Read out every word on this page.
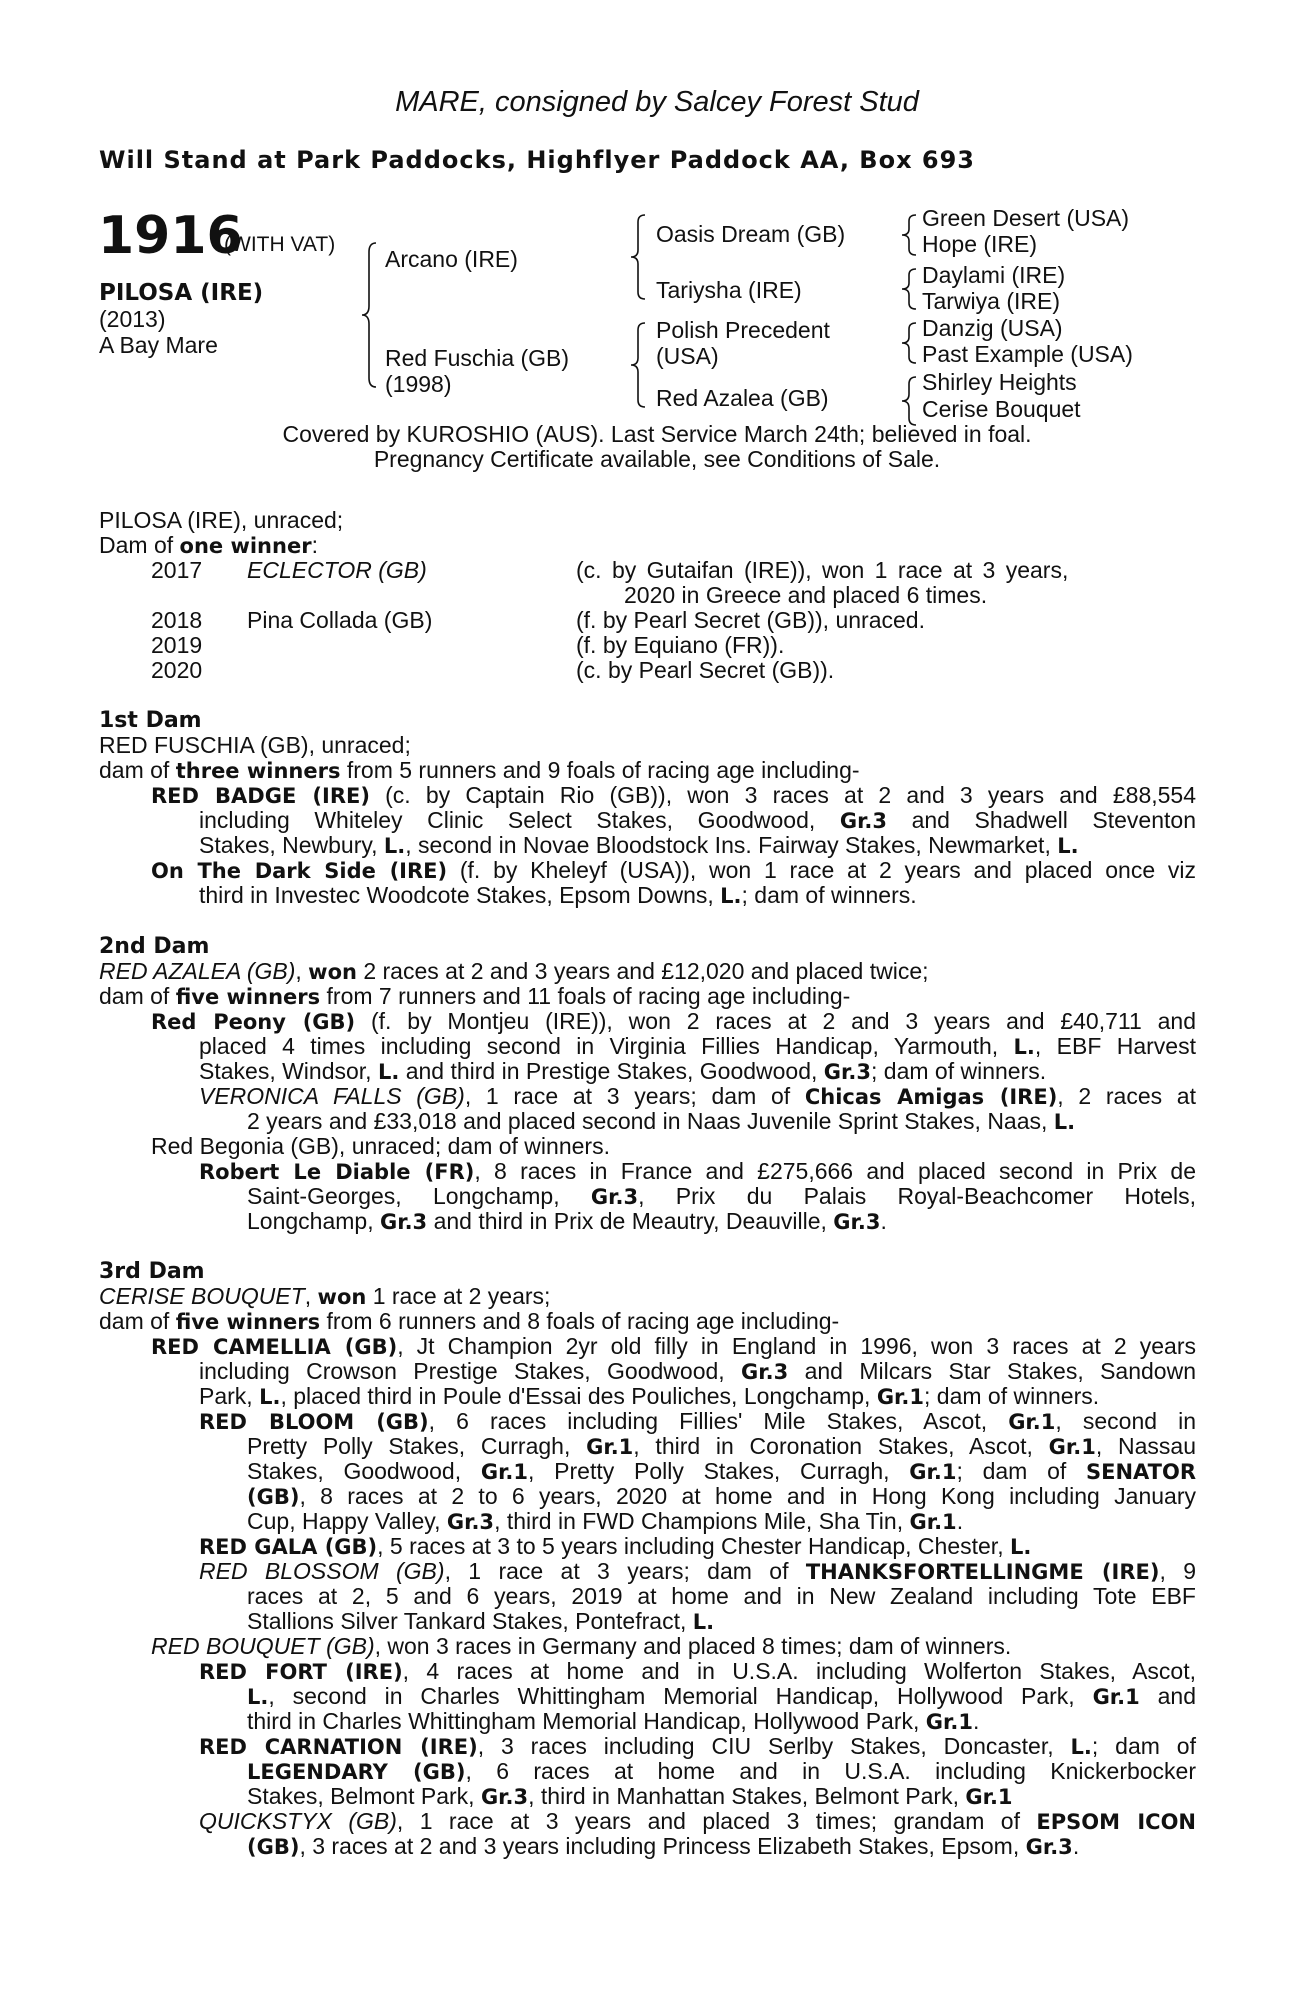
MARE, consigned by Salcey Forest Stud
Will Stand at Park Paddocks, Highflyer Paddock AA, Box 693
1916
(WITH VAT)
PILOSA (IRE)
(2013)
A Bay Mare
Arcano (IRE)
Red Fuschia (GB)
(1998)
Oasis Dream (GB)
Tariysha (IRE)
Polish Precedent
(USA)
Red Azalea (GB)
Green Desert (USA)
Hope (IRE)
Daylami (IRE)
Tarwiya (IRE)
Danzig (USA)
Past Example (USA)
Shirley Heights
Cerise Bouquet
Covered by KUROSHIO (AUS). Last Service March 24th; believed in foal.
Pregnancy Certificate available, see Conditions of Sale.
PILOSA (IRE), unraced;
Dam of one winner:
2017 ECLECTOR (GB)	(c. by Gutaifan (IRE)), won 1 race at 3 years,
2020 in Greece and placed 6 times.
2018 Pina Collada (GB)	(f. by Pearl Secret (GB)), unraced.
2019	(f. by Equiano (FR)).
2020	(c. by Pearl Secret (GB)).
1st Dam
RED FUSCHIA (GB), unraced;
dam of three winners from 5 runners and 9 foals of racing age including-
RED BADGE (IRE) (c. by Captain Rio (GB)), won 3 races at 2 and 3 years and £88,554
including Whiteley Clinic Select Stakes, Goodwood, Gr.3 and Shadwell Steventon
Stakes, Newbury, L., second in Novae Bloodstock Ins. Fairway Stakes, Newmarket, L.
On The Dark Side (IRE) (f. by Kheleyf (USA)), won 1 race at 2 years and placed once viz
third in Investec Woodcote Stakes, Epsom Downs, L.; dam of winners.
2nd Dam
RED AZALEA (GB), won 2 races at 2 and 3 years and £12,020 and placed twice;
dam of five winners from 7 runners and 11 foals of racing age including-
Red Peony (GB) (f. by Montjeu (IRE)), won 2 races at 2 and 3 years and £40,711 and
placed 4 times including second in Virginia Fillies Handicap, Yarmouth, L., EBF Harvest
Stakes, Windsor, L. and third in Prestige Stakes, Goodwood, Gr.3; dam of winners.
VERONICA FALLS (GB), 1 race at 3 years; dam of Chicas Amigas (IRE), 2 races at
2 years and £33,018 and placed second in Naas Juvenile Sprint Stakes, Naas, L.
Red Begonia (GB), unraced; dam of winners.
Robert Le Diable (FR), 8 races in France and £275,666 and placed second in Prix de
Saint-Georges, Longchamp, Gr.3, Prix du Palais Royal-Beachcomer Hotels,
Longchamp, Gr.3 and third in Prix de Meautry, Deauville, Gr.3.
3rd Dam
CERISE BOUQUET, won 1 race at 2 years;
dam of five winners from 6 runners and 8 foals of racing age including-
RED CAMELLIA (GB), Jt Champion 2yr old filly in England in 1996, won 3 races at 2 years
including Crowson Prestige Stakes, Goodwood, Gr.3 and Milcars Star Stakes, Sandown
Park, L., placed third in Poule d'Essai des Pouliches, Longchamp, Gr.1; dam of winners.
RED BLOOM (GB), 6 races including Fillies' Mile Stakes, Ascot, Gr.1, second in
Pretty Polly Stakes, Curragh, Gr.1, third in Coronation Stakes, Ascot, Gr.1, Nassau
Stakes, Goodwood, Gr.1, Pretty Polly Stakes, Curragh, Gr.1; dam of SENATOR
(GB), 8 races at 2 to 6 years, 2020 at home and in Hong Kong including January
Cup, Happy Valley, Gr.3, third in FWD Champions Mile, Sha Tin, Gr.1.
RED GALA (GB), 5 races at 3 to 5 years including Chester Handicap, Chester, L.
RED BLOSSOM (GB), 1 race at 3 years; dam of THANKSFORTELLINGME (IRE), 9
races at 2, 5 and 6 years, 2019 at home and in New Zealand including Tote EBF
Stallions Silver Tankard Stakes, Pontefract, L.
RED BOUQUET (GB), won 3 races in Germany and placed 8 times; dam of winners.
RED FORT (IRE), 4 races at home and in U.S.A. including Wolferton Stakes, Ascot,
L., second in Charles Whittingham Memorial Handicap, Hollywood Park, Gr.1 and
third in Charles Whittingham Memorial Handicap, Hollywood Park, Gr.1.
RED CARNATION (IRE), 3 races including CIU Serlby Stakes, Doncaster, L.; dam of
LEGENDARY (GB), 6 races at home and in U.S.A. including Knickerbocker
Stakes, Belmont Park, Gr.3, third in Manhattan Stakes, Belmont Park, Gr.1
QUICKSTYX (GB), 1 race at 3 years and placed 3 times; grandam of EPSOM ICON
(GB), 3 races at 2 and 3 years including Princess Elizabeth Stakes, Epsom, Gr.3.
